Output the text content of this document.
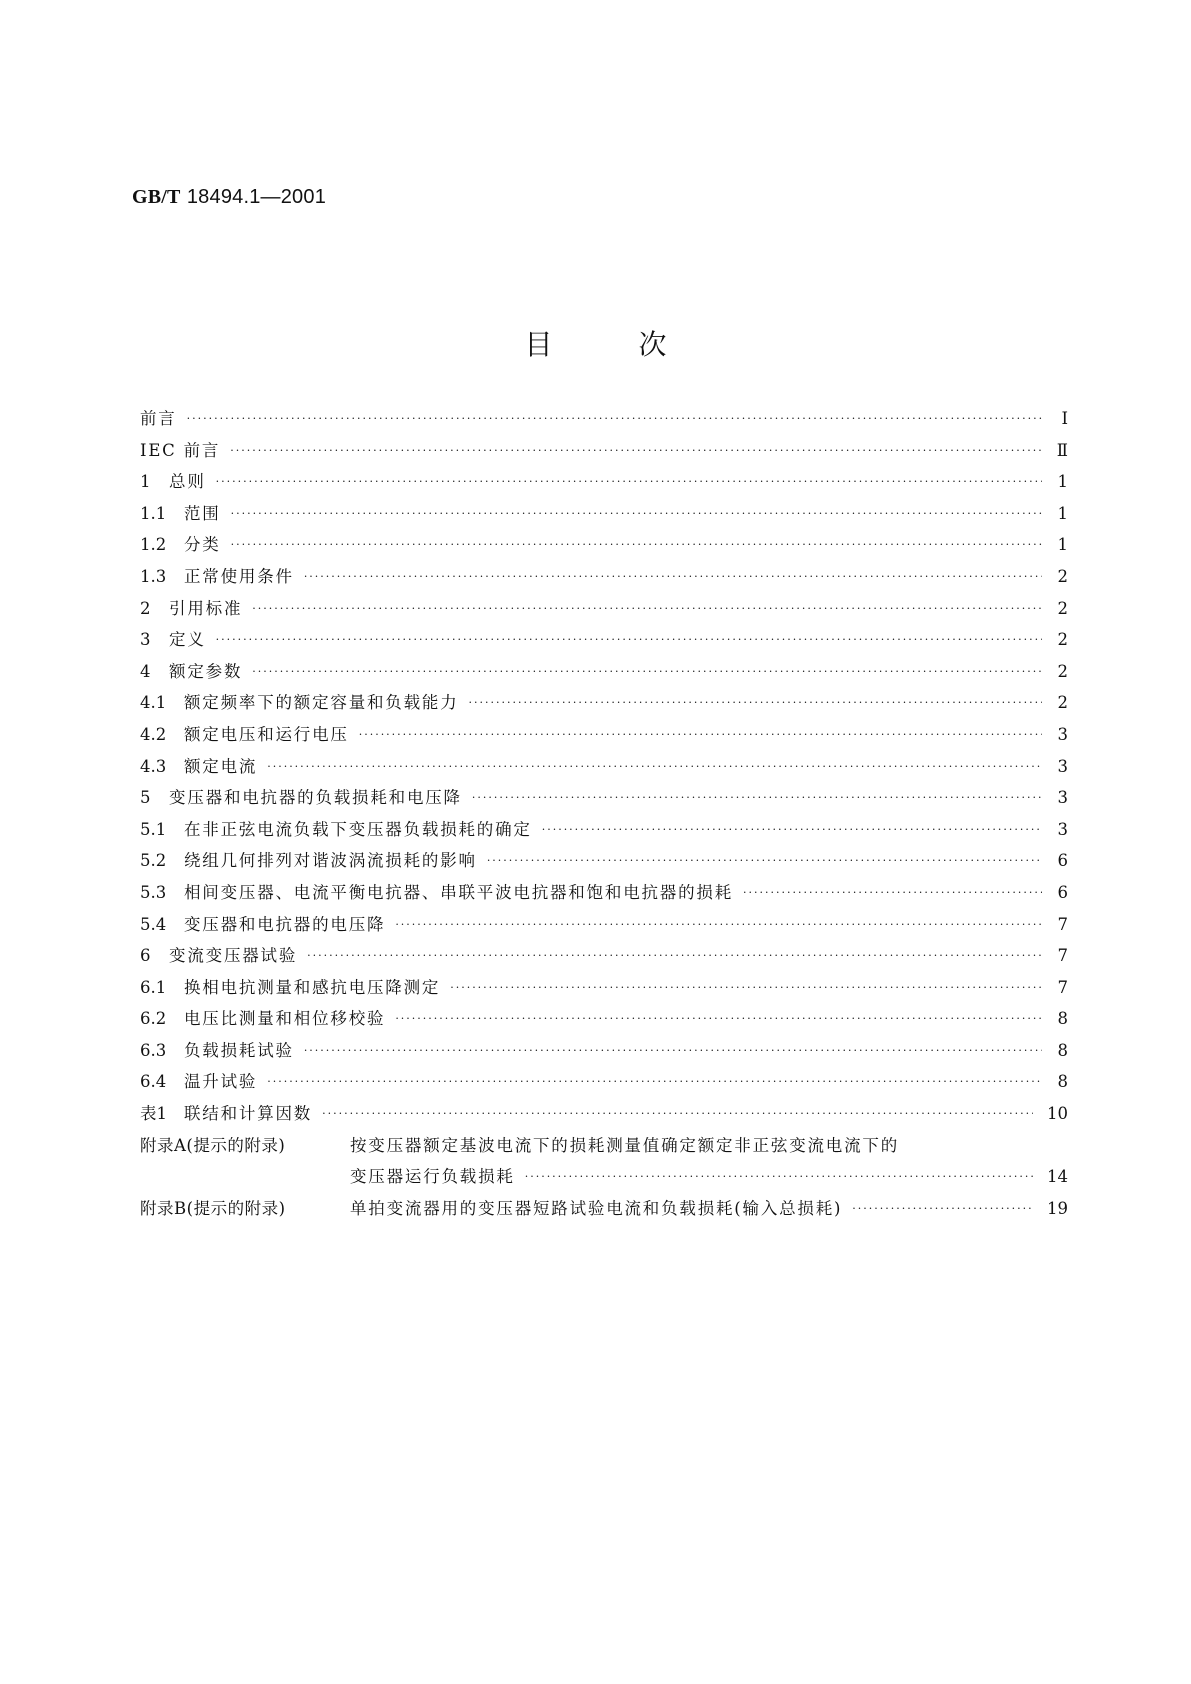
GB/T 18494.1—2001
目	次
前言 ·····	Ⅰ
IEC 前言 ·····	Ⅱ
1 总则 ·····	1
1.1 范围 ·····	1
1.2 分类 ·····	1
1.3 正常使用条件 ·····	2
2 引用标准 ·····	2
3 定义 ·····	2
4 额定参数 ·····	2
4.1 额定频率下的额定容量和负载能力 ·····	2
4.2 额定电压和运行电压 ·····	3
4.3 额定电流 ·····	3
5 变压器和电抗器的负载损耗和电压降 ·····	3
5.1 在非正弦电流负载下变压器负载损耗的确定 ·····	3
5.2 绕组几何排列对谐波涡流损耗的影响 ·····	6
5.3 相间变压器、电流平衡电抗器、串联平波电抗器和饱和电抗器的损耗 ·····	6
5.4 变压器和电抗器的电压降 ·····	7
6 变流变压器试验 ·····	7
6.1 换相电抗测量和感抗电压降测定 ·····	7
6.2 电压比测量和相位移校验 ·····	8
6.3 负载损耗试验 ·····	8
6.4 温升试验 ·····	8
表1 联结和计算因数 ·····	10
附录A(提示的附录)	按变压器额定基波电流下的损耗测量值确定额定非正弦变流电流下的
变压器运行负载损耗 ·····	14
附录B(提示的附录)	单拍变流器用的变压器短路试验电流和负载损耗(输入总损耗) ·····	19
